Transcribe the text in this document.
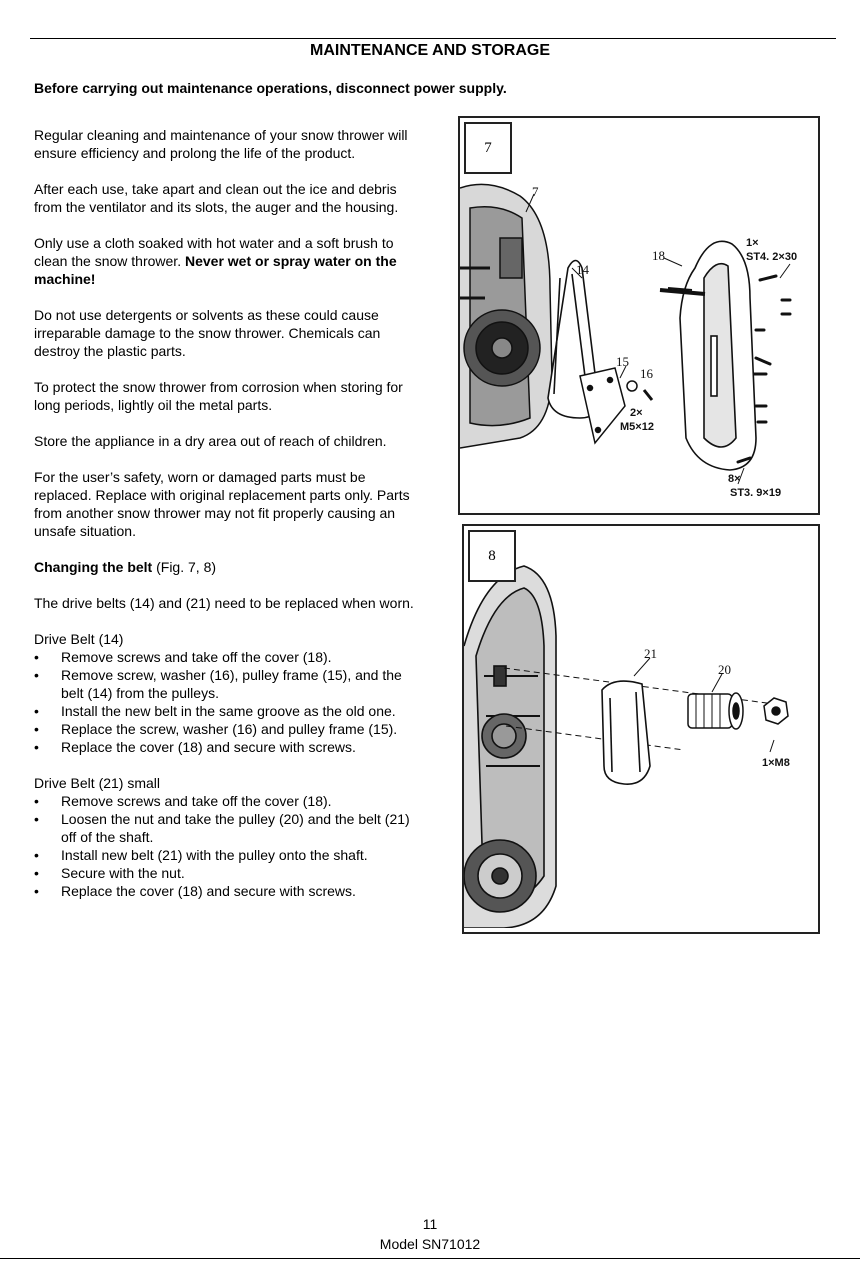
MAINTENANCE AND STORAGE
Before carrying out maintenance operations, disconnect power supply.

Regular cleaning and maintenance of your snow thrower will ensure efficiency and prolong the life of the product.

After each use, take apart and clean out the ice and debris from the ventilator and its slots, the auger and the housing.

Only use a cloth soaked with hot water and a soft brush to clean the snow thrower. Never wet or spray water on the machine!

Do not use detergents or solvents as these could cause irreparable damage to the snow thrower. Chemicals can destroy the plastic parts.

To protect the snow thrower from corrosion when storing for long periods, lightly oil the metal parts.

Store the appliance in a dry area out of reach of children.

For the user’s safety, worn or damaged parts must be replaced. Replace with original replacement parts only. Parts from another snow thrower may not fit properly causing an unsafe situation.

Changing the belt (Fig. 7, 8)

The drive belts (14) and (21) need to be replaced when worn.

Drive Belt (14)

• Remove screws and take off the cover (18).
• Remove screw, washer (16), pulley frame (15), and the belt (14) from the pulleys.
• Install the new belt in the same groove as the old one.
• Replace the screw, washer (16) and pulley frame (15).
• Replace the cover (18) and secure with screws.

Drive Belt (21) small

• Remove screws and take off the cover (18).
• Loosen the nut and take the pulley (20) and the belt (21) off of the shaft.
• Install new belt (21) with the pulley onto the shaft.
• Secure with the nut.
• Replace the cover (18) and secure with screws.
7
7
14
15
16
18
1×
ST4. 2×30
2×
M5×12
8×
ST3. 9×19
8
21
20
1×M8
11
Model SN71012
